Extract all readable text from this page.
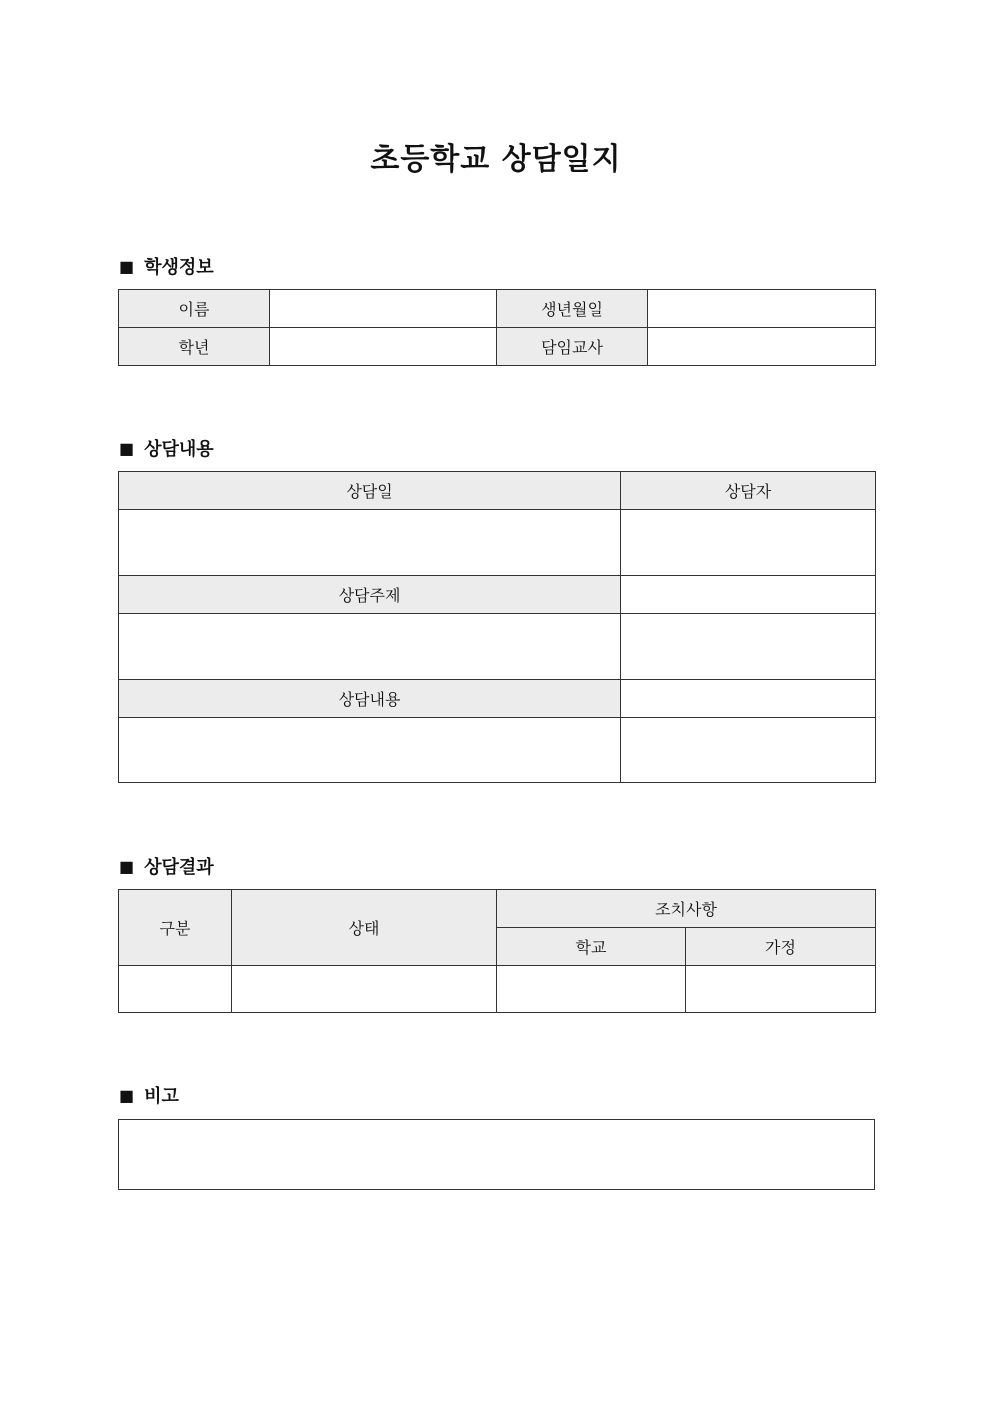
초등학교 상담일지
■ 학생정보
이름		생년월일	
학년		담임교사	
■ 상담내용
상담일	상담자

상담주제	

상담내용	

■ 상담결과
구분	상태	조치사항	
		학교	가정

■ 비고
